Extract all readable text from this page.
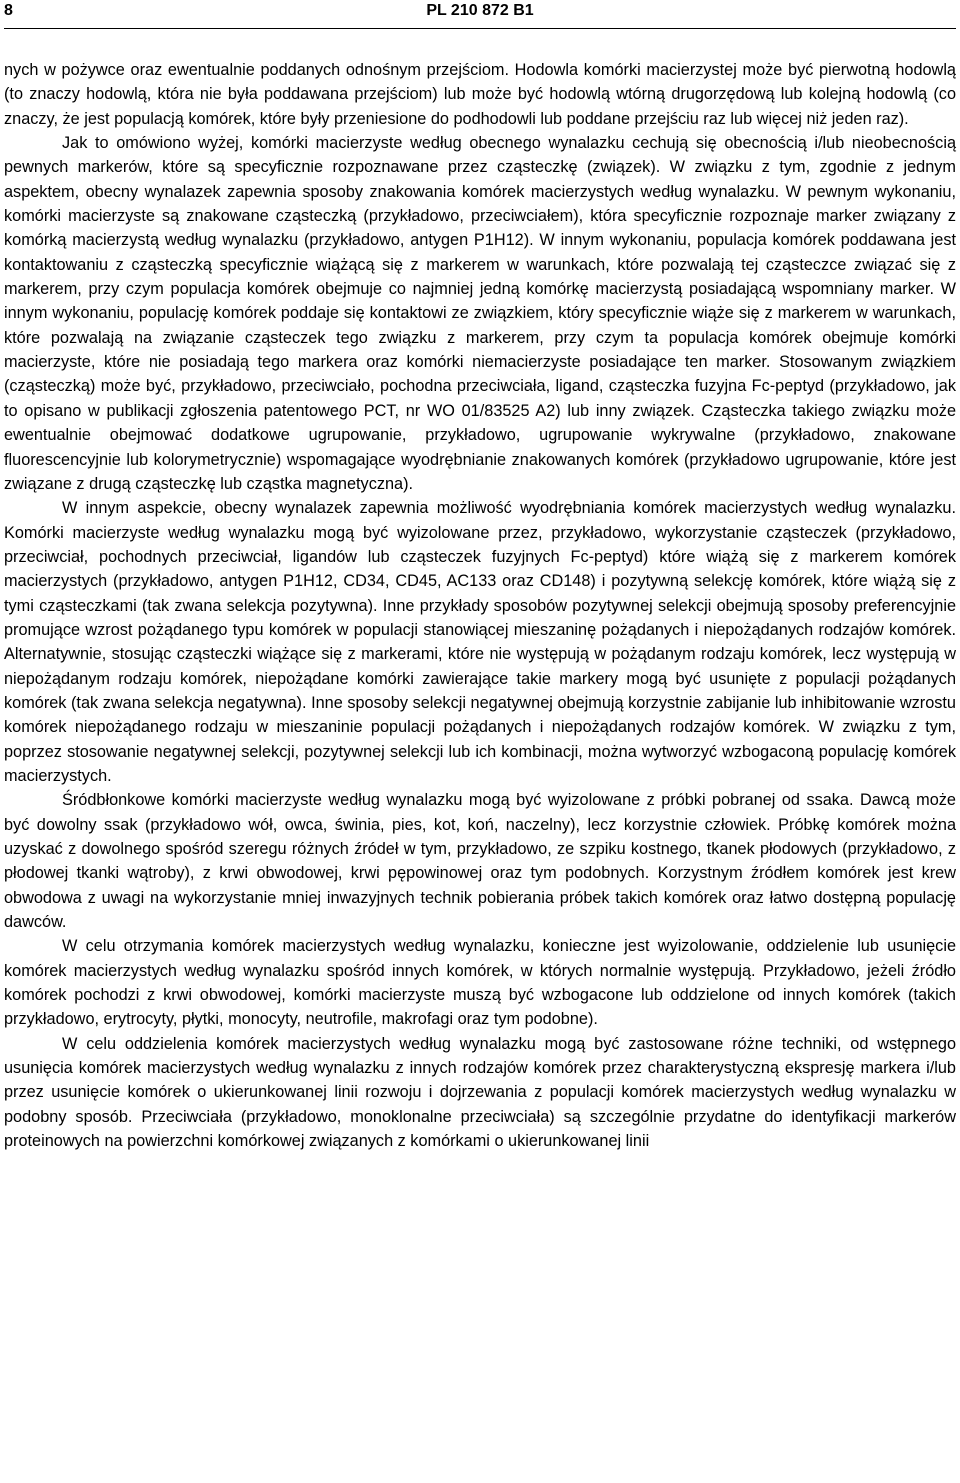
8	PL 210 872 B1

nych w pożywce oraz ewentualnie poddanych odnośnym przejściom. Hodowla komórki macierzystej może być pierwotną hodowlą (to znaczy hodowlą, która nie była poddawana przejściom) lub może być hodowlą wtórną drugorzędową lub kolejną hodowlą (co znaczy, że jest populacją komórek, które były przeniesione do podhodowli lub poddane przejściu raz lub więcej niż jeden raz).

Jak to omówiono wyżej, komórki macierzyste według obecnego wynalazku cechują się obecnością i/lub nieobecnością pewnych markerów, które są specyficznie rozpoznawane przez cząsteczkę (związek). W związku z tym, zgodnie z jednym aspektem, obecny wynalazek zapewnia sposoby znakowania komórek macierzystych według wynalazku. W pewnym wykonaniu, komórki macierzyste są znakowane cząsteczką (przykładowo, przeciwciałem), która specyficznie rozpoznaje marker związany z komórką macierzystą według wynalazku (przykładowo, antygen P1H12). W innym wykonaniu, populacja komórek poddawana jest kontaktowaniu z cząsteczką specyficznie wiążącą się z markerem w warunkach, które pozwalają tej cząsteczce związać się z markerem, przy czym populacja komórek obejmuje co najmniej jedną komórkę macierzystą posiadającą wspomniany marker. W innym wykonaniu, populację komórek poddaje się kontaktowi ze związkiem, który specyficznie wiąże się z markerem w warunkach, które pozwalają na związanie cząsteczek tego związku z markerem, przy czym ta populacja komórek obejmuje komórki macierzyste, które nie posiadają tego markera oraz komórki niemacierzyste posiadające ten marker. Stosowanym związkiem (cząsteczką) może być, przykładowo, przeciwciało, pochodna przeciwciała, ligand, cząsteczka fuzyjna Fc-peptyd (przykładowo, jak to opisano w publikacji zgłoszenia patentowego PCT, nr WO 01/83525 A2) lub inny związek. Cząsteczka takiego związku może ewentualnie obejmować dodatkowe ugrupowanie, przykładowo, ugrupowanie wykrywalne (przykładowo, znakowane fluorescencyjnie lub kolorymetrycznie) wspomagające wyodrębnianie znakowanych komórek (przykładowo ugrupowanie, które jest związane z drugą cząsteczkę lub cząstka magnetyczna).

W innym aspekcie, obecny wynalazek zapewnia możliwość wyodrębniania komórek macierzystych według wynalazku. Komórki macierzyste według wynalazku mogą być wyizolowane przez, przykładowo, wykorzystanie cząsteczek (przykładowo, przeciwciał, pochodnych przeciwciał, ligandów lub cząsteczek fuzyjnych Fc-peptyd) które wiążą się z markerem komórek macierzystych (przykładowo, antygen P1H12, CD34, CD45, AC133 oraz CD148) i pozytywną selekcję komórek, które wiążą się z tymi cząsteczkami (tak zwana selekcja pozytywna). Inne przykłady sposobów pozytywnej selekcji obejmują sposoby preferencyjnie promujące wzrost pożądanego typu komórek w populacji stanowiącej mieszaninę pożądanych i niepożądanych rodzajów komórek. Alternatywnie, stosując cząsteczki wiążące się z markerami, które nie występują w pożądanym rodzaju komórek, lecz występują w niepożądanym rodzaju komórek, niepożądane komórki zawierające takie markery mogą być usunięte z populacji pożądanych komórek (tak zwana selekcja negatywna). Inne sposoby selekcji negatywnej obejmują korzystnie zabijanie lub inhibitowanie wzrostu komórek niepożądanego rodzaju w mieszaninie populacji pożądanych i niepożądanych rodzajów komórek. W związku z tym, poprzez stosowanie negatywnej selekcji, pozytywnej selekcji lub ich kombinacji, można wytworzyć wzbogaconą populację komórek macierzystych.

Śródbłonkowe komórki macierzyste według wynalazku mogą być wyizolowane z próbki pobranej od ssaka. Dawcą może być dowolny ssak (przykładowo wół, owca, świnia, pies, kot, koń, naczelny), lecz korzystnie człowiek. Próbkę komórek można uzyskać z dowolnego spośród szeregu różnych źródeł w tym, przykładowo, ze szpiku kostnego, tkanek płodowych (przykładowo, z płodowej tkanki wątroby), z krwi obwodowej, krwi pępowinowej oraz tym podobnych. Korzystnym źródłem komórek jest krew obwodowa z uwagi na wykorzystanie mniej inwazyjnych technik pobierania próbek takich komórek oraz łatwo dostępną populację dawców.

W celu otrzymania komórek macierzystych według wynalazku, konieczne jest wyizolowanie, oddzielenie lub usunięcie komórek macierzystych według wynalazku spośród innych komórek, w których normalnie występują. Przykładowo, jeżeli źródło komórek pochodzi z krwi obwodowej, komórki macierzyste muszą być wzbogacone lub oddzielone od innych komórek (takich przykładowo, erytrocyty, płytki, monocyty, neutrofile, makrofagi oraz tym podobne).

W celu oddzielenia komórek macierzystych według wynalazku mogą być zastosowane różne techniki, od wstępnego usunięcia komórek macierzystych według wynalazku z innych rodzajów komórek przez charakterystyczną ekspresję markera i/lub przez usunięcie komórek o ukierunkowanej linii rozwoju i dojrzewania z populacji komórek macierzystych według wynalazku w podobny sposób. Przeciwciała (przykładowo, monoklonalne przeciwciała) są szczególnie przydatne do identyfikacji markerów proteinowych na powierzchni komórkowej związanych z komórkami o ukierunkowanej linii
